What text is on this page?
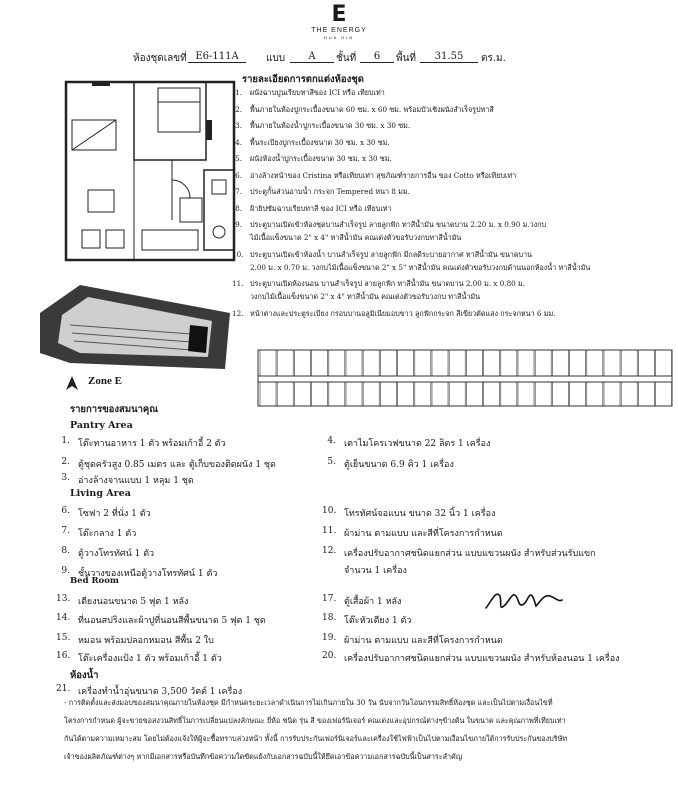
E
THE ENERGY
HUA HIN
ห้องชุดเลขที่ E6-111A	แบบ	A	ชั้นที่	6	พื้นที่	31.55	ตร.ม.
Zone E
รายละเอียดการตกแต่งห้องชุด
1. ผนังฉาบปูนเรียบทาสีของ ICI หรือ เทียบเท่า
2. พื้นภายในห้องปูกระเบื้องขนาด 60 ซม. x 60 ซม. พร้อมบัวเชิงผนังสำเร็จรูปทาสี
3. พื้นภายในห้องน้ำปูกระเบื้องขนาด 30 ซม. x 30 ซม.
4. พื้นระเบียงปูกระเบื้องขนาด 30 ซม. x 30 ซม.
5. ผนังห้องน้ำปูกระเบื้องขนาด 30 ซม. x 30 ซม.
6. อ่างล้างหน้าของ Cristina หรือเทียบเท่า สุขภัณฑ์รายการอื่น ของ Cotto หรือเทียบเท่า
7. ประตูกั้นส่วนอาบน้ำ กระจก Tempered หนา 8 มม.
8. ฝ้ายิปซัมฉาบเรียบทาสี ของ ICI หรือ เทียบเท่า
9. ประตูบานเปิดเข้าห้องชุดบานสำเร็จรูป ลายลูกฟัก ทาสีน้ำมัน ขนาดบาน 2.20 ม. x 0.90 ม.วงกบ
ไม้เนื้อแข็งขนาด 2" x 4" ทาสีน้ำมัน คณเด่งตัวขอรับวงกบทาสีน้ำมัน
10. ประตูบานเปิดเข้าห้องน้ำ บานสำเร็จรูป ลายลูกฟัก มีกลดีระบายอากาศ ทาสีน้ำมัน ขนาดบาน
2.00 ม. x 0.70 ม. วงกบไม้เนื้อแข็งขนาด 2" x 5" ทาสีน้ำมัน คณเด่งตัวขอรับวงกบด้านนอกห้องน้ำ ทาสีน้ำมัน
11. ประตูบานเปิดห้องนอน บานสำเร็จรูป ลายลูกฟัก ทาสีน้ำมัน ขนาดบาน 2.00 ม. x 0.80 ม.
วงกบไม้เนื้อแข็งขนาด 2" x 4" ทาสีน้ำมัน คณเด่งตัวขอรับวงกบ ทาสีน้ำมัน
12. หน้าต่างและประตูระเบียง กรอบบานอลูมิเนียมอบขาว ลูกฟักกระจก สีเขียวตัดแสง กระจกหนา 6 มม.
รายการของสมนาคุณ
Pantry Area
Living Area
Bed Room
ห้องน้ำ
1. โต๊ะทานอาหาร 1 ตัว พร้อมเก้าอี้ 2 ตัว
2. ตู้ชุดครัวสูง 0.85 เมตร และ ตู้เก็บของติดผนัง 1 ชุด
3. อ่างล้างจานแบบ 1 หลุม 1 ชุด
6. โซฟา 2 ที่นั่ง 1 ตัว
7. โต๊ะกลาง 1 ตัว
8. ตู้วางโทรทัศน์ 1 ตัว
9. ชั้นวางของเหนือตู้วางโทรทัศน์ 1 ตัว
13. เตียงนอนขนาด 5 ฟุต 1 หลัง
14. ที่นอนสปริงและผ้าปูที่นอนสีพื้นขนาด 5 ฟุต 1 ชุด
15. หมอน พร้อมปลอกหมอน สีพื้น 2 ใบ
16. โต๊ะเครื่องแป้ง 1 ตัว พร้อมเก้าอี้ 1 ตัว
21. เครื่องทำน้ำอุ่นขนาด 3,500 วัตต์ 1 เครื่อง
4. เตาไมโครเวฟขนาด 22 ลิตร 1 เครื่อง
5. ตู้เย็นขนาด 6.9 คิว 1 เครื่อง
10. โทรทัศน์จอแบน ขนาด 32 นิ้ว 1 เครื่อง
11. ผ้าม่าน ตามแบบ และสีที่โครงการกำหนด
12. เครื่องปรับอากาศชนิดแยกส่วน แบบแขวนผนัง สำหรับส่วนรับแขก
จำนวน 1 เครื่อง
17. ตู้เสื้อผ้า 1 หลัง
18. โต๊ะหัวเตียง 1 ตัว
19. ผ้าม่าน ตามแบบ และสีที่โครงการกำหนด
20. เครื่องปรับอากาศชนิดแยกส่วน แบบแขวนผนัง สำหรับห้องนอน 1 เครื่อง
- การติดตั้งและส่งมอบของสมนาคุณภายในห้องชุด มีกำหนดระยะเวลาดำเนินการไม่เกินภายใน 30 วัน นับจากวันโอนกรรมสิทธิ์ห้องชุด และเป็นไปตามเงื่อนไขที่
โครงการกำหนด ผู้จะขายขอสงวนสิทธิ์ในการเปลี่ยนแปลงลักษณะ ยี่ห้อ ชนิด รุ่น สี ของเฟอร์นิเจอร์ คณเด่งและอุปกรณ์ต่างๆข้างต้น ในขนาด และคุณภาพที่เทียบเท่า
กันได้ตามความเหมาะสม โดยไม่ต้องแจ้งให้ผู้จะซื้อทราบล่วงหน้า ทั้งนี้ การรับประกันเฟอร์นิเจอร์และเครื่องใช้ไฟฟ้าเป็นไปตามเงื่อนไขภายใต้การรับประกันของบริษัท
เจ้าของผลิตภัณฑ์ต่างๆ หากมีเอกสารหรือบันทึกข้อความใดขัดแย้งกับเอกสารฉบับนี้ให้ยึดเอาข้อความเอกสารฉบับนี้เป็นสาระสำคัญ
